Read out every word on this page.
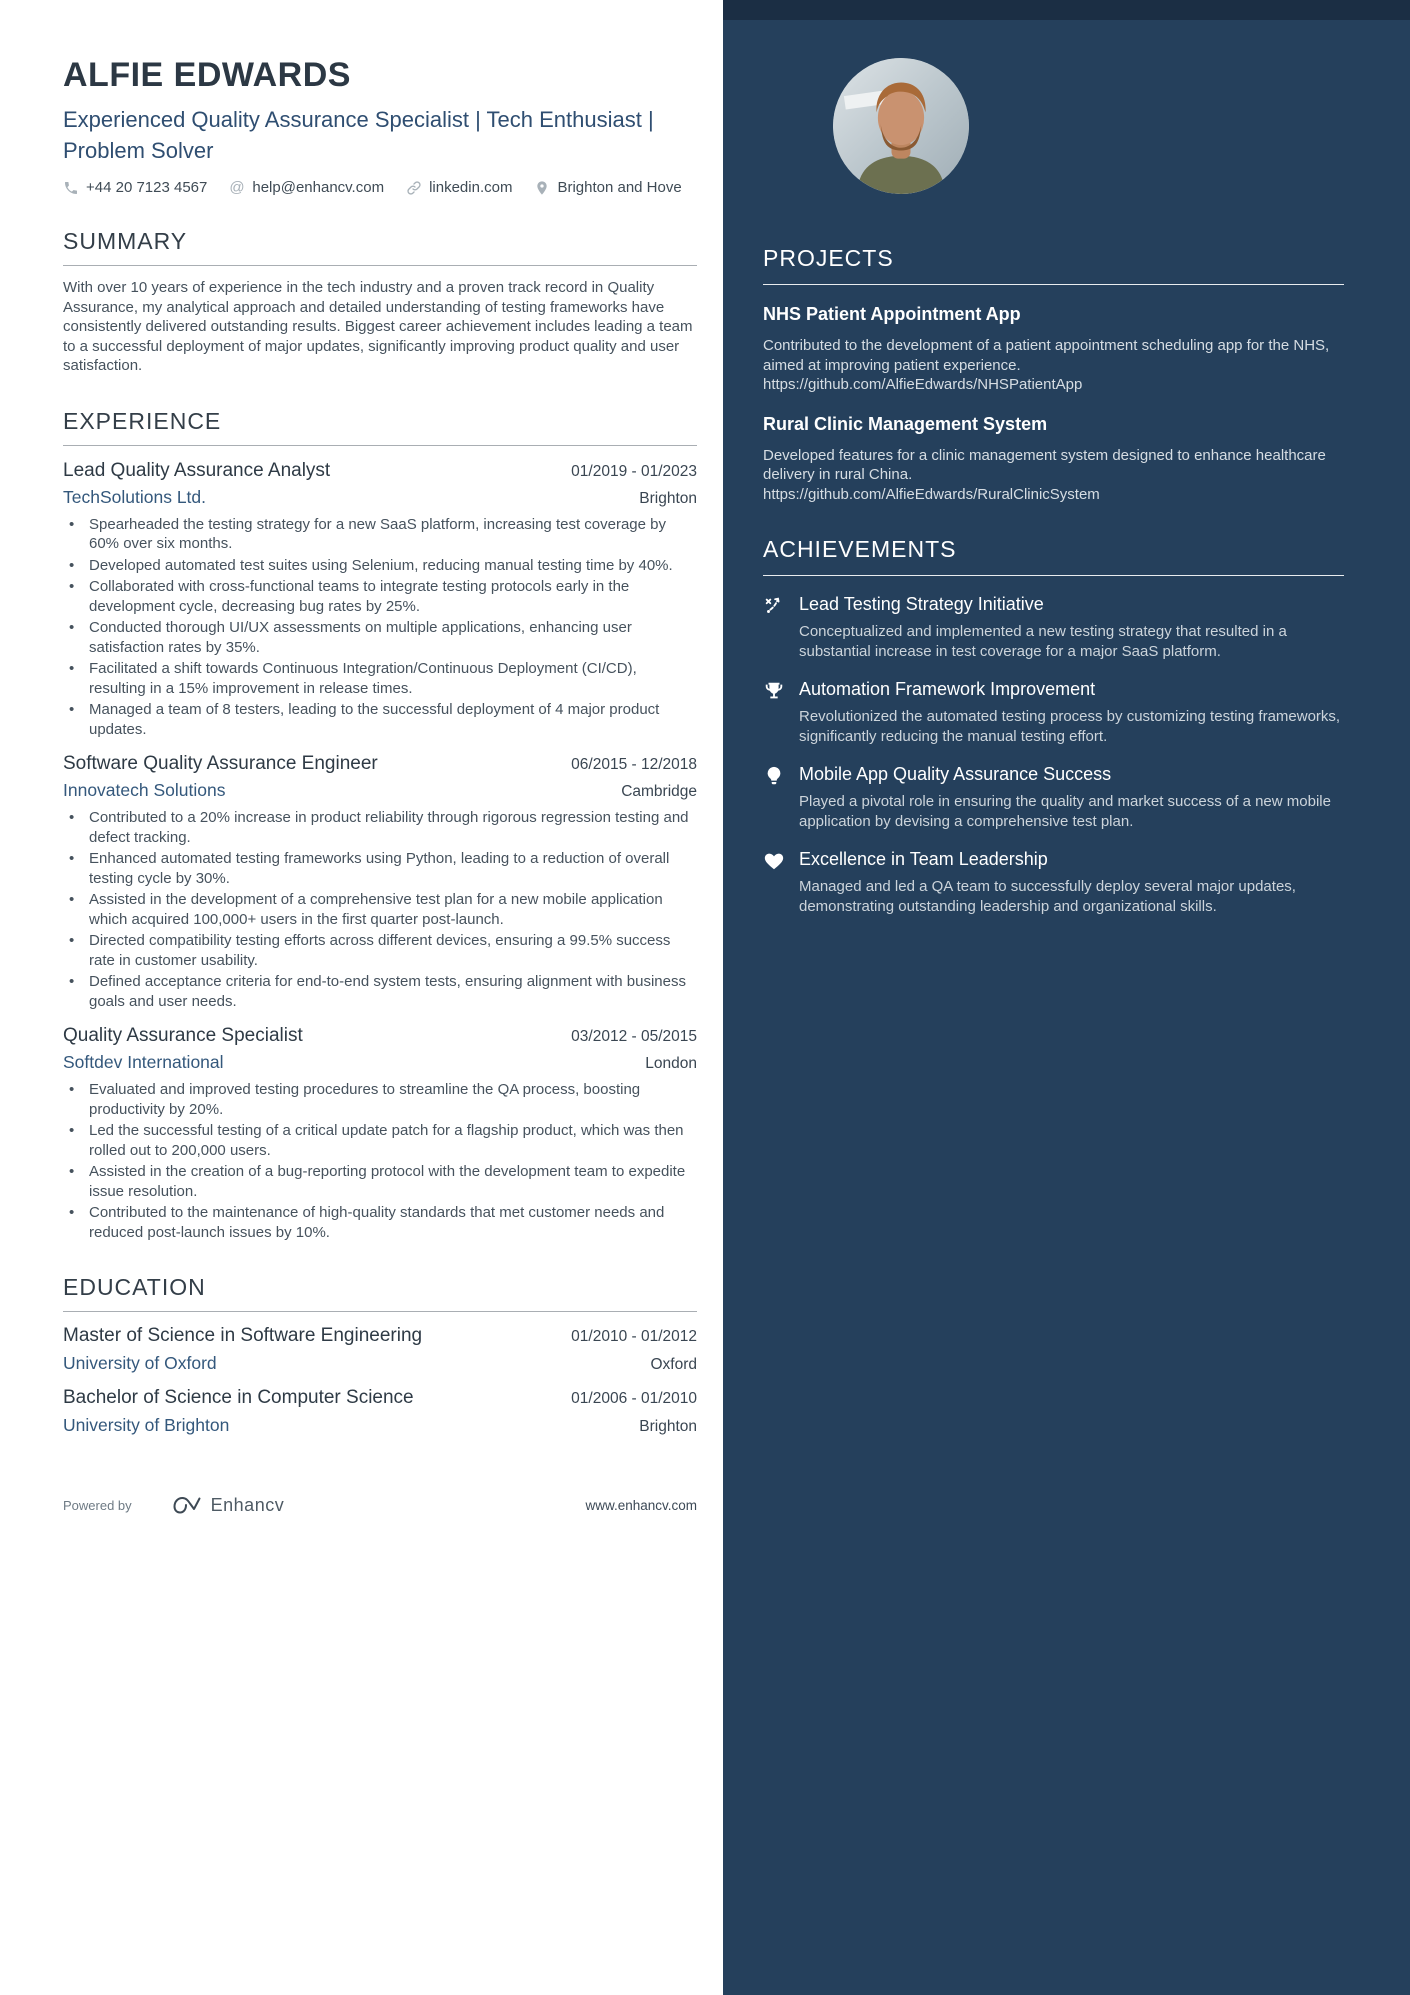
ALFIE EDWARDS
Experienced Quality Assurance Specialist | Tech Enthusiast | Problem Solver
+44 20 7123 4567 @ help@enhancv.com	linkedin.com	Brighton and Hove
SUMMARY
With over 10 years of experience in the tech industry and a proven track record in Quality Assurance, my analytical approach and detailed understanding of testing frameworks have consistently delivered outstanding results. Biggest career achievement includes leading a team to a successful deployment of major updates, significantly improving product quality and user satisfaction.
EXPERIENCE
Lead Quality Assurance Analyst	01/2019 - 01/2023
TechSolutions Ltd.	Brighton
• Spearheaded the testing strategy for a new SaaS platform, increasing test coverage by 60% over six months.
• Developed automated test suites using Selenium, reducing manual testing time by 40%.
• Collaborated with cross-functional teams to integrate testing protocols early in the development cycle, decreasing bug rates by 25%.
• Conducted thorough UI/UX assessments on multiple applications, enhancing user satisfaction rates by 35%.
• Facilitated a shift towards Continuous Integration/Continuous Deployment (CI/CD), resulting in a 15% improvement in release times.
• Managed a team of 8 testers, leading to the successful deployment of 4 major product updates.
Software Quality Assurance Engineer	06/2015 - 12/2018
Innovatech Solutions	Cambridge
• Contributed to a 20% increase in product reliability through rigorous regression testing and defect tracking.
• Enhanced automated testing frameworks using Python, leading to a reduction of overall testing cycle by 30%.
• Assisted in the development of a comprehensive test plan for a new mobile application which acquired 100,000+ users in the first quarter post-launch.
• Directed compatibility testing efforts across different devices, ensuring a 99.5% success rate in customer usability.
• Defined acceptance criteria for end-to-end system tests, ensuring alignment with business goals and user needs.
Quality Assurance Specialist	03/2012 - 05/2015
Softdev International	London
• Evaluated and improved testing procedures to streamline the QA process, boosting productivity by 20%.
• Led the successful testing of a critical update patch for a flagship product, which was then rolled out to 200,000 users.
• Assisted in the creation of a bug-reporting protocol with the development team to expedite issue resolution.
• Contributed to the maintenance of high-quality standards that met customer needs and reduced post-launch issues by 10%.
EDUCATION
Master of Science in Software Engineering	01/2010 - 01/2012
University of Oxford	Oxford
Bachelor of Science in Computer Science	01/2006 - 01/2010
University of Brighton	Brighton
Powered by	Enhancv	www.enhancv.com
PROJECTS
NHS Patient Appointment App
Contributed to the development of a patient appointment scheduling app for the NHS, aimed at improving patient experience.
https://github.com/AlfieEdwards/NHSPatientApp
Rural Clinic Management System
Developed features for a clinic management system designed to enhance healthcare delivery in rural China.
https://github.com/AlfieEdwards/RuralClinicSystem
ACHIEVEMENTS
Lead Testing Strategy Initiative
Conceptualized and implemented a new testing strategy that resulted in a substantial increase in test coverage for a major SaaS platform.
Automation Framework Improvement
Revolutionized the automated testing process by customizing testing frameworks, significantly reducing the manual testing effort.
Mobile App Quality Assurance Success
Played a pivotal role in ensuring the quality and market success of a new mobile application by devising a comprehensive test plan.
Excellence in Team Leadership
Managed and led a QA team to successfully deploy several major updates, demonstrating outstanding leadership and organizational skills.
